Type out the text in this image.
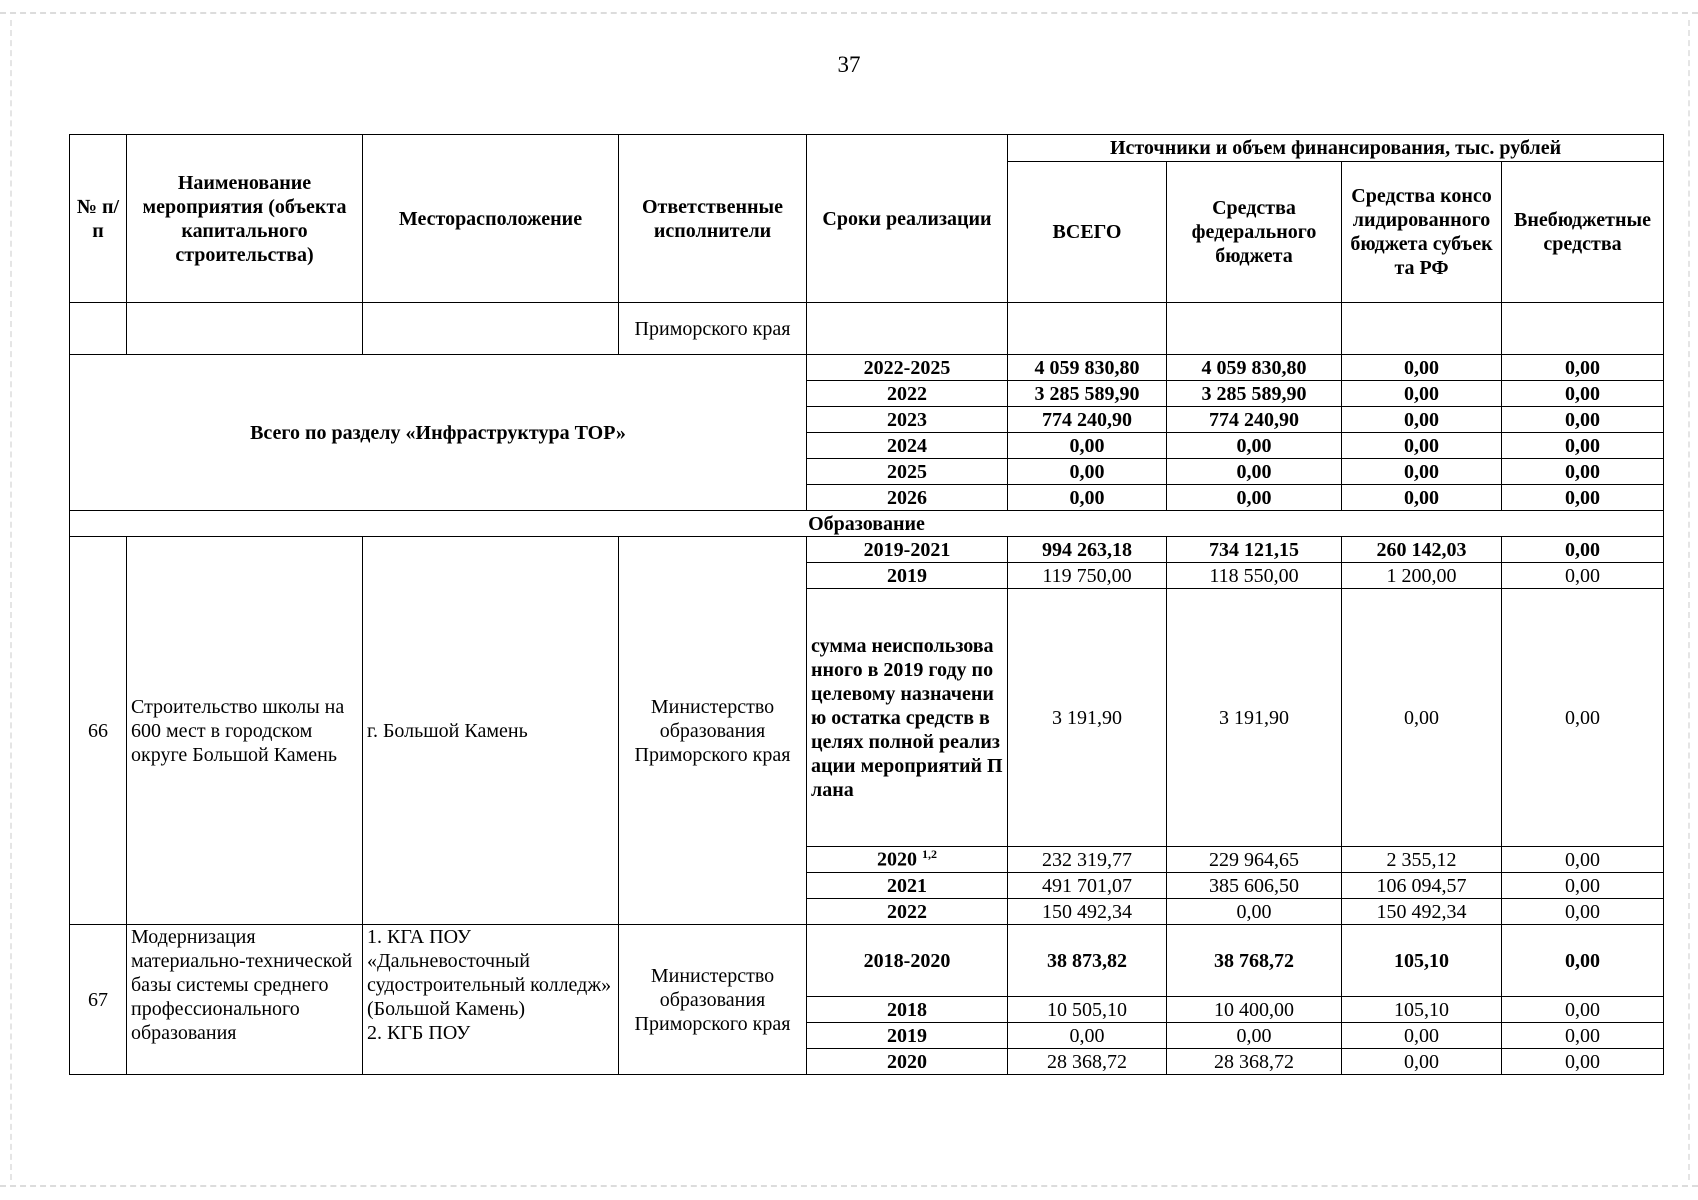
37
№ п/п	Наименование мероприятия (объекта капитального строительства)	Месторасположение	Ответственные исполнители	Сроки реализации	Источники и объем финансирования, тыс. рублей			
					ВСЕГО	Средства федерального бюджета	Средства консолидированного бюджета субъекта РФ	Внебюджетные средства
			Приморского края					
Всего по разделу «Инфраструктура ТОР»				2022-2025	4 059 830,80	4 059 830,80	0,00	0,00
				2022	3 285 589,90	3 285 589,90	0,00	0,00
				2023	774 240,90	774 240,90	0,00	0,00
				2024	0,00	0,00	0,00	0,00
				2025	0,00	0,00	0,00	0,00
				2026	0,00	0,00	0,00	0,00
Образование								
66	Строительство школы на 600 мест в городском округе Большой Камень	г. Большой Камень	Министерство образования Приморского края	2019-2021	994 263,18	734 121,15	260 142,03	0,00
				2019	119 750,00	118 550,00	1 200,00	0,00
				сумма неиспользованного в 2019 году по целевому назначению остатка средств в целях полной реализации мероприятий Плана	3 191,90	3 191,90	0,00	0,00
				2020 $^{1,2}$	232 319,77	229 964,65	2 355,12	0,00
				2021	491 701,07	385 606,50	106 094,57	0,00
				2022	150 492,34	0,00	150 492,34	0,00
67	Модернизация материально-технической базы системы среднего профессионального образования	1. КГА ПОУ «Дальневосточный судостроительный колледж» (Большой Камень)
2. КГБ ПОУ	Министерство образования Приморского края	2018-2020	38 873,82	38 768,72	105,10	0,00
				2018	10 505,10	10 400,00	105,10	0,00
				2019	0,00	0,00	0,00	0,00
				2020	28 368,72	28 368,72	0,00	0,00
